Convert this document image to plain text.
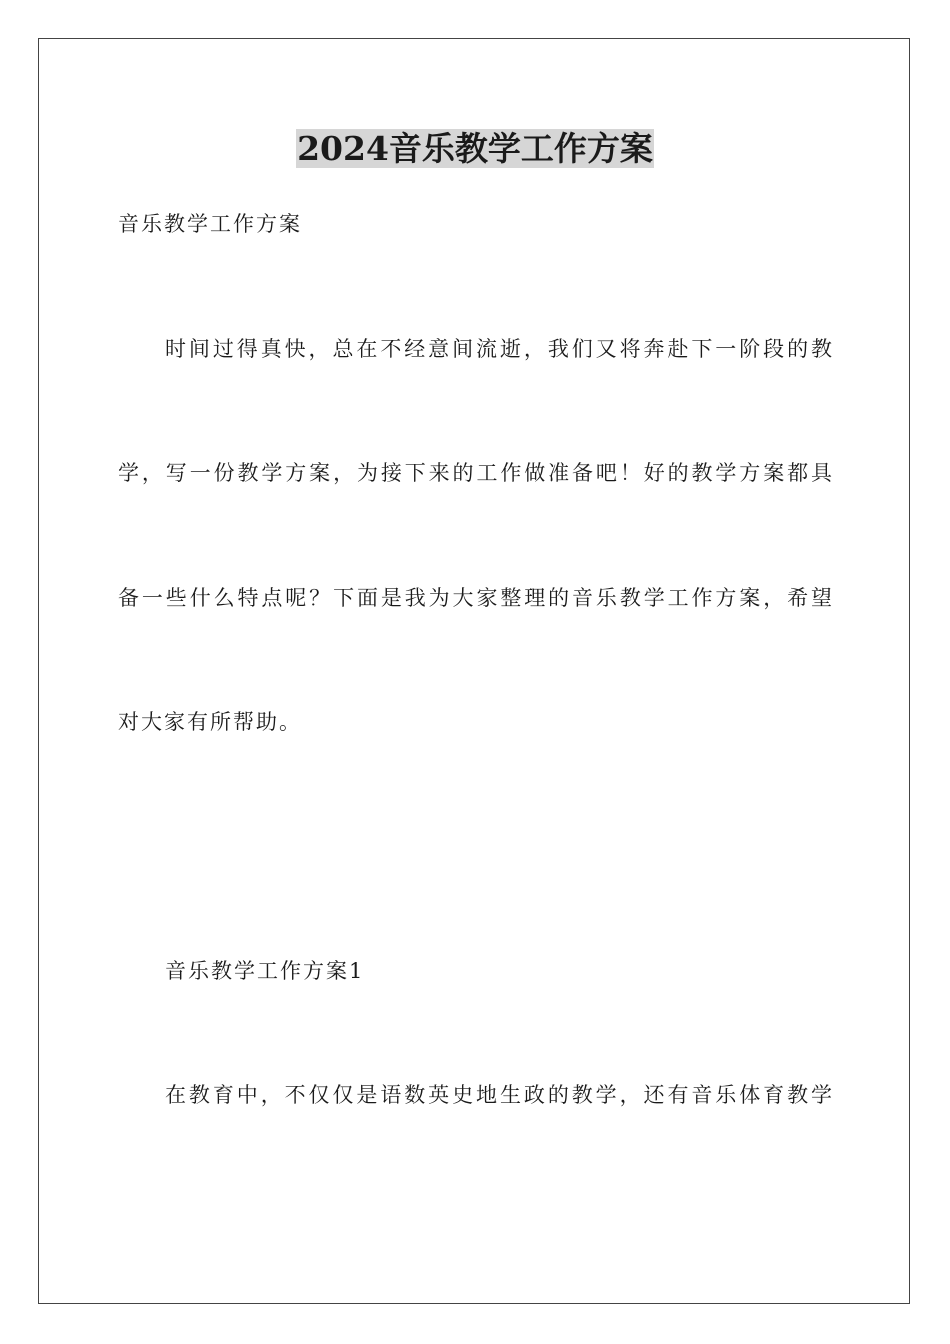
2024音乐教学工作方案
音乐教学工作方案
时间过得真快，总在不经意间流逝，我们又将奔赴下一阶段的教
学，写一份教学方案，为接下来的工作做准备吧！好的教学方案都具
备一些什么特点呢？下面是我为大家整理的音乐教学工作方案，希望
对大家有所帮助。
音乐教学工作方案1
在教育中，不仅仅是语数英史地生政的教学，还有音乐体育教学
